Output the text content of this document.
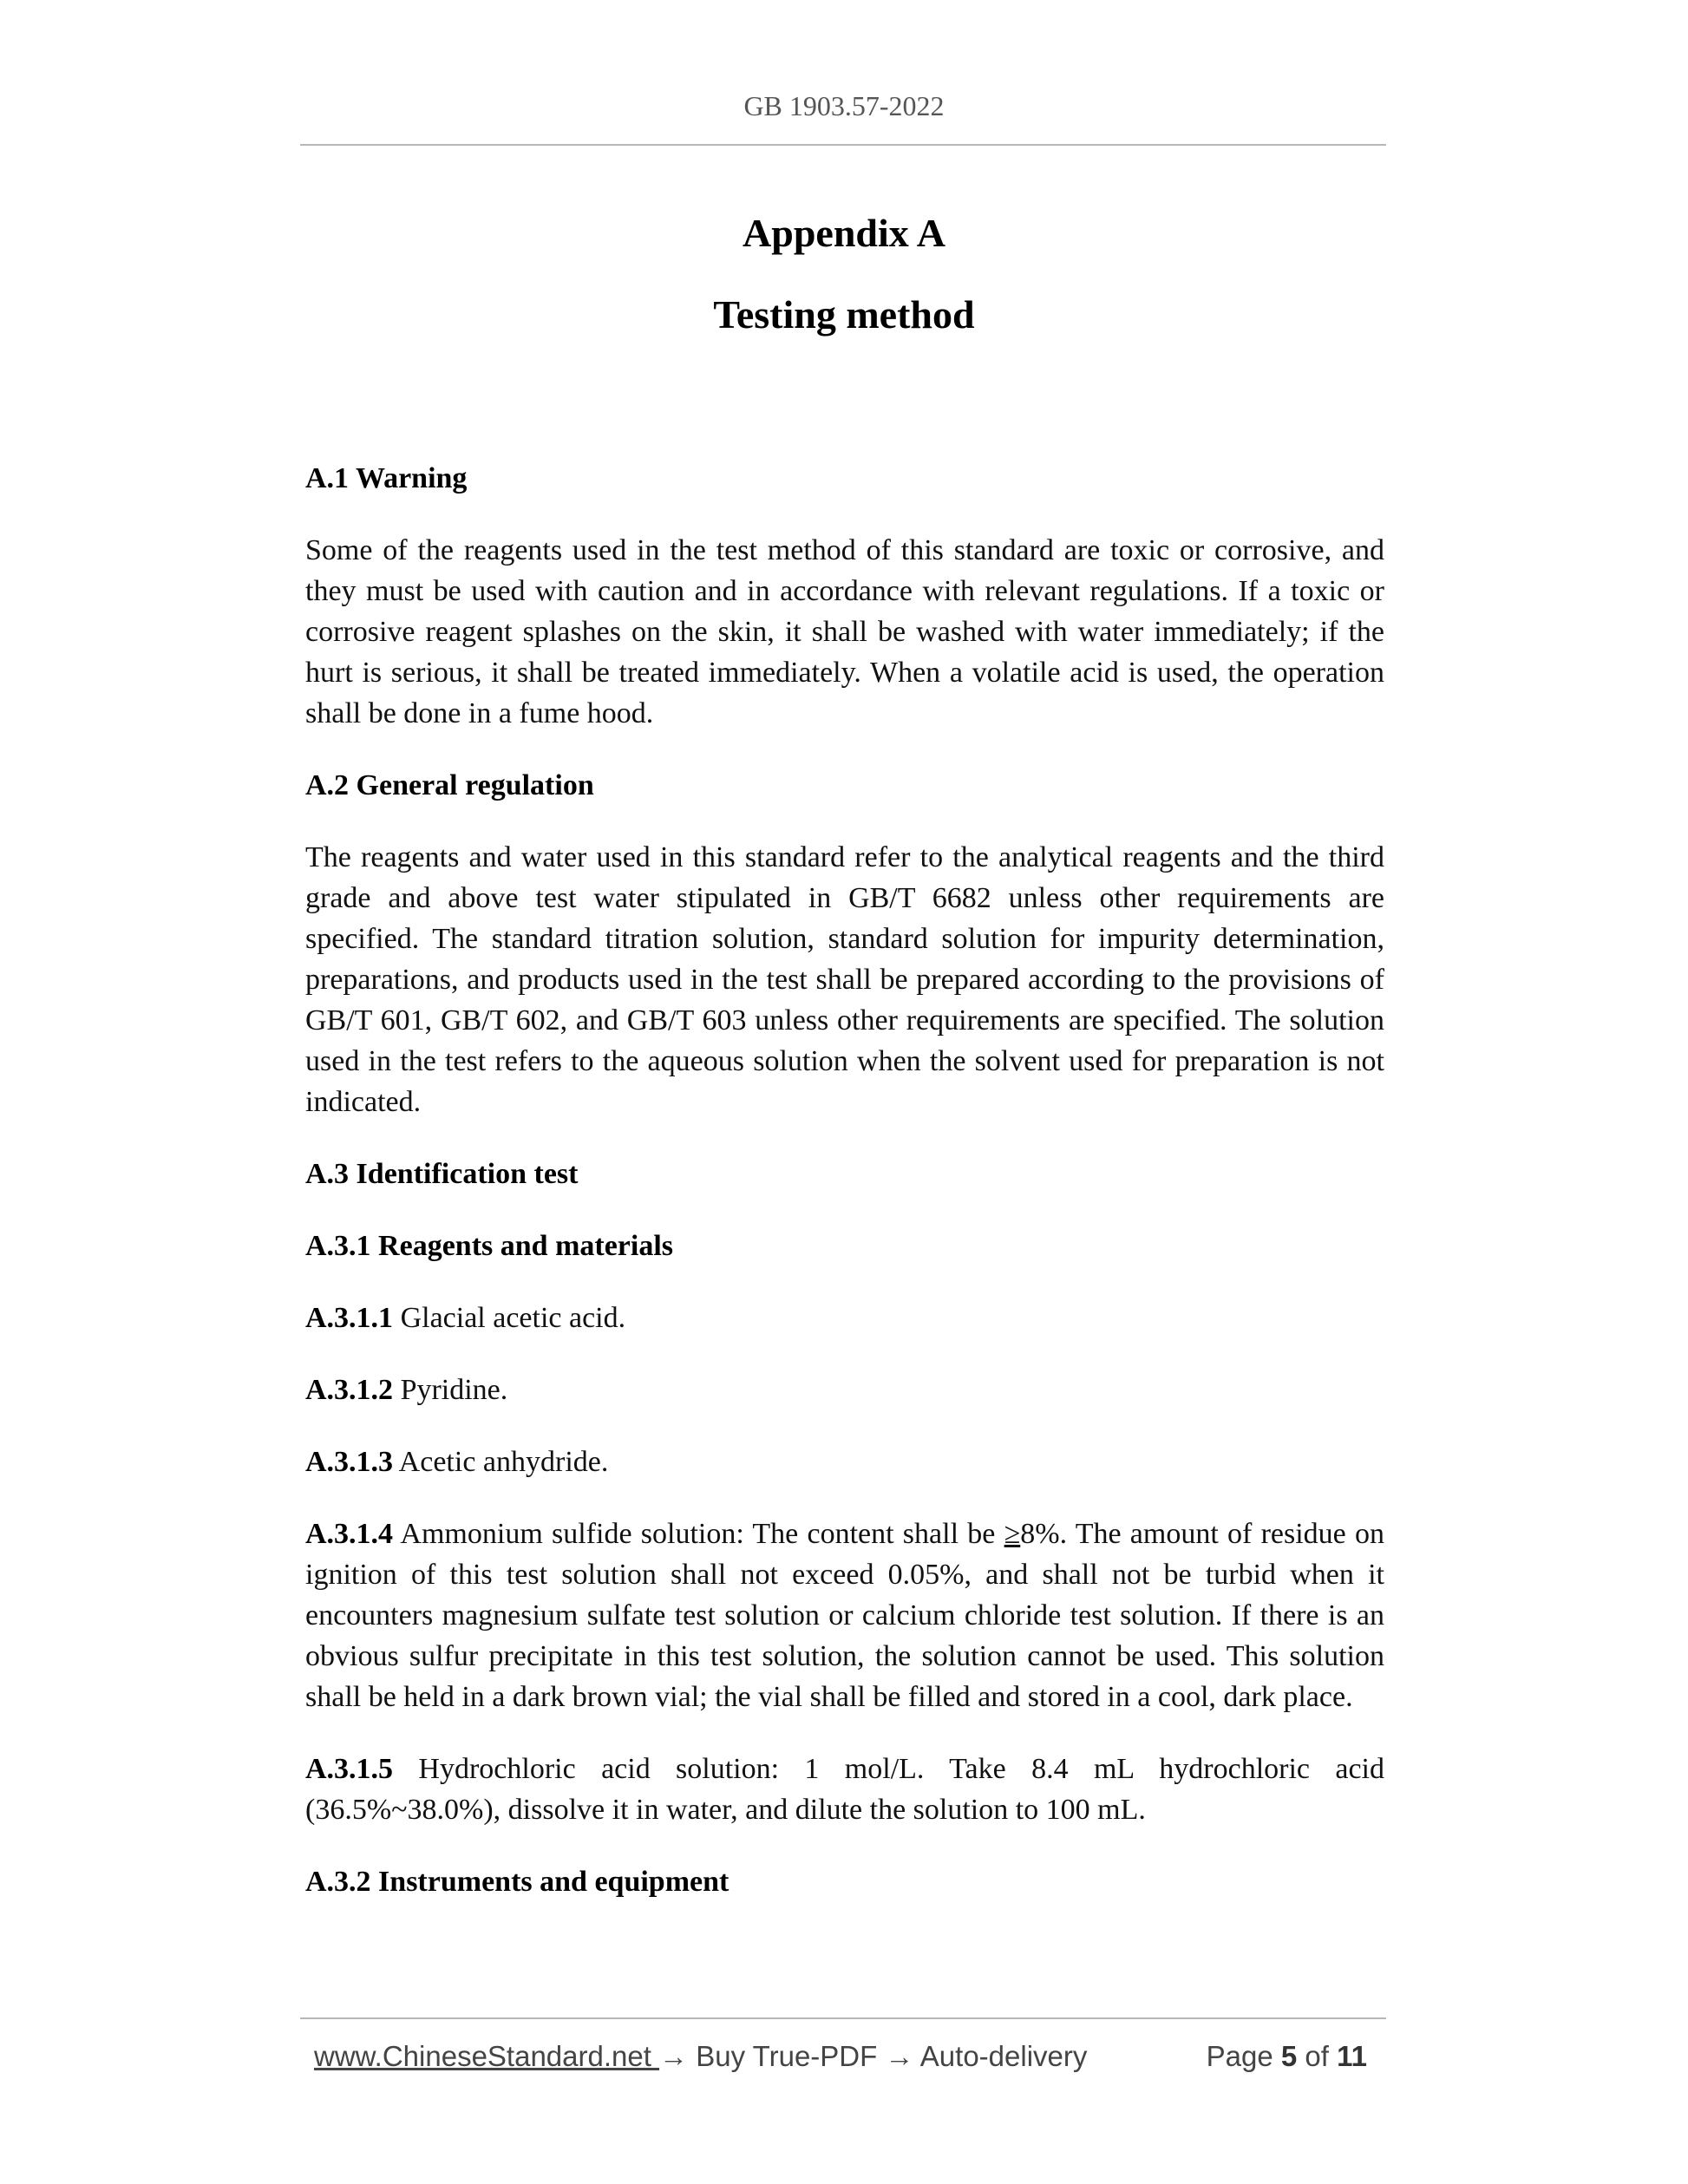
GB 1903.57-2022
Appendix A
Testing method
A.1 Warning
Some of the reagents used in the test method of this standard are toxic or corrosive, and they must be used with caution and in accordance with relevant regulations. If a toxic or corrosive reagent splashes on the skin, it shall be washed with water immediately; if the hurt is serious, it shall be treated immediately. When a volatile acid is used, the operation shall be done in a fume hood.
A.2 General regulation
The reagents and water used in this standard refer to the analytical reagents and the third grade and above test water stipulated in GB/T 6682 unless other requirements are specified. The standard titration solution, standard solution for impurity determination, preparations, and products used in the test shall be prepared according to the provisions of GB/T 601, GB/T 602, and GB/T 603 unless other requirements are specified. The solution used in the test refers to the aqueous solution when the solvent used for preparation is not indicated.
A.3 Identification test
A.3.1 Reagents and materials
A.3.1.1 Glacial acetic acid.
A.3.1.2 Pyridine.
A.3.1.3 Acetic anhydride.
A.3.1.4 Ammonium sulfide solution: The content shall be ≥8%. The amount of residue on ignition of this test solution shall not exceed 0.05%, and shall not be turbid when it encounters magnesium sulfate test solution or calcium chloride test solution. If there is an obvious sulfur precipitate in this test solution, the solution cannot be used. This solution shall be held in a dark brown vial; the vial shall be filled and stored in a cool, dark place.
A.3.1.5 Hydrochloric acid solution: 1 mol/L. Take 8.4 mL hydrochloric acid (36.5%~38.0%), dissolve it in water, and dilute the solution to 100 mL.
A.3.2 Instruments and equipment
www.ChineseStandard.net → Buy True-PDF → Auto-delivery	Page 5 of 11
